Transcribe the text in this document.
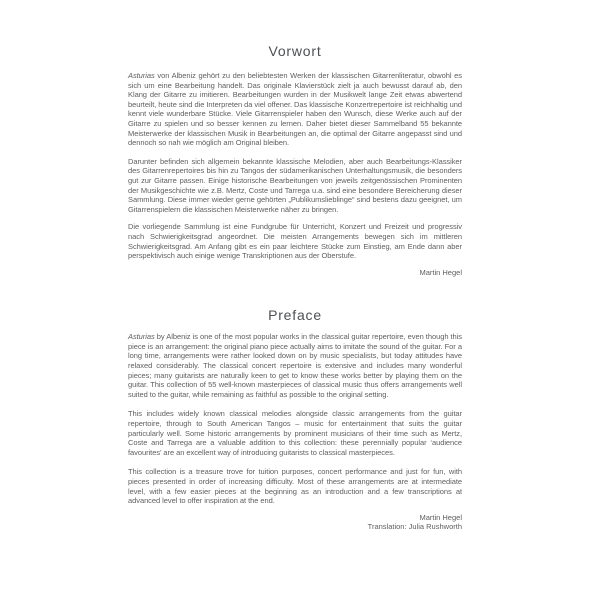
Vorwort

Asturias von Albeniz gehört zu den beliebtesten Werken der klassischen Gitarrenliteratur, obwohl es sich um eine Bearbeitung handelt. Das originale Klavierstück zielt ja auch bewusst darauf ab, den Klang der Gitarre zu imitieren. Bearbeitungen wurden in der Musikwelt lange Zeit etwas abwertend beurteilt, heute sind die Interpreten da viel offener. Das klassische Konzertrepertoire ist reichhaltig und kennt viele wunderbare Stücke. Viele Gitarrenspieler haben den Wunsch, diese Werke auch auf der Gitarre zu spielen und so besser kennen zu lernen. Daher bietet dieser Sammelband 55 bekannte Meisterwerke der klassischen Musik in Bearbeitungen an, die optimal der Gitarre angepasst sind und dennoch so nah wie möglich am Original bleiben.

Darunter befinden sich allgemein bekannte klassische Melodien, aber auch Bearbeitungs-Klassiker des Gitarrenrepertoires bis hin zu Tangos der südamerikanischen Unterhaltungsmusik, die besonders gut zur Gitarre passen. Einige historische Bearbeitungen von jeweils zeitgenössischen Prominenten der Musikgeschichte wie z.B. Mertz, Coste und Tarrega u.a. sind eine besondere Bereicherung dieser Sammlung. Diese immer wieder gerne gehörten „Publikumslieblinge“ sind bestens dazu geeignet, um Gitarrenspielern die klassischen Meisterwerke näher zu bringen.

Die vorliegende Sammlung ist eine Fundgrube für Unterricht, Konzert und Freizeit und progressiv nach Schwierigkeitsgrad angeordnet. Die meisten Arrangements bewegen sich im mittleren Schwierigkeitsgrad. Am Anfang gibt es ein paar leichtere Stücke zum Einstieg, am Ende dann aber perspektivisch auch einige wenige Transkriptionen aus der Oberstufe.

Martin Hegel

Preface

Asturias by Albeniz is one of the most popular works in the classical guitar repertoire, even though this piece is an arrangement: the original piano piece actually aims to imitate the sound of the guitar. For a long time, arrangements were rather looked down on by music specialists, but today attitudes have relaxed considerably. The classical concert repertoire is extensive and includes many wonderful pieces; many guitarists are naturally keen to get to know these works better by playing them on the guitar. This collection of 55 well-known masterpieces of classical music thus offers arrangements well suited to the guitar, while remaining as faithful as possible to the original setting.

This includes widely known classical melodies alongside classic arrangements from the guitar repertoire, through to South American Tangos – music for entertainment that suits the guitar particularly well. Some historic arrangements by prominent musicians of their time such as Mertz, Coste and Tarrega are a valuable addition to this collection: these perennially popular ‘audience favourites’ are an excellent way of introducing guitarists to classical masterpieces.

This collection is a treasure trove for tuition purposes, concert performance and just for fun, with pieces presented in order of increasing difficulty. Most of these arrangements are at intermediate level, with a few easier pieces at the beginning as an introduction and a few transcriptions at advanced level to offer inspiration at the end.

Martin Hegel

Translation: Julia Rushworth
